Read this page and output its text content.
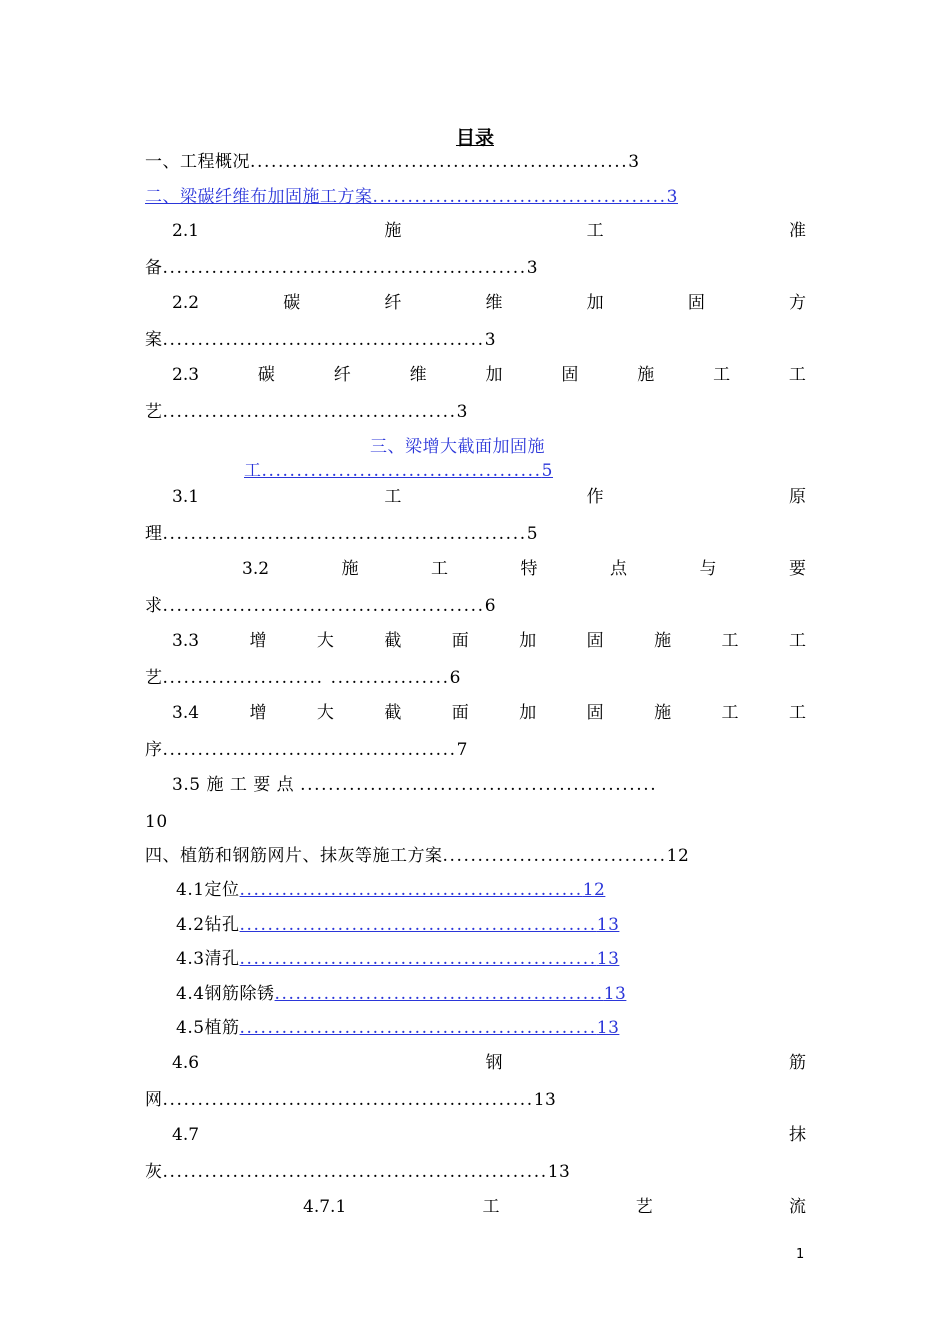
目录
一、工程概况......................................................3
二、梁碳纤维布加固施工方案..........................................3
2.1	施	工	准
备....................................................3
2.2	碳	纤	维	加	固	方
案..............................................3
2.3	碳	纤	维	加	固	施	工	工
艺..........................................3
三、梁增大截面加固施
工........................................5
3.1	工	作	原
理....................................................5
3.2	施	工	特	点	与	要
求..............................................6
3.3	增	大	截	面	加	固	施	工	工
艺....................... .................6
3.4	增	大	截	面	加	固	施	工	工
序..........................................7
3.5 施 工 要 点 ...................................................
10
四、植筋和钢筋网片、抹灰等施工方案................................12
4.1定位.................................................12
4.2钻孔...................................................13
4.3清孔...................................................13
4.4钢筋除锈...............................................13
4.5植筋...................................................13
4.6	钢	筋
网.....................................................13
4.7	抹
灰.......................................................13
4.7.1	工	艺	流
1
